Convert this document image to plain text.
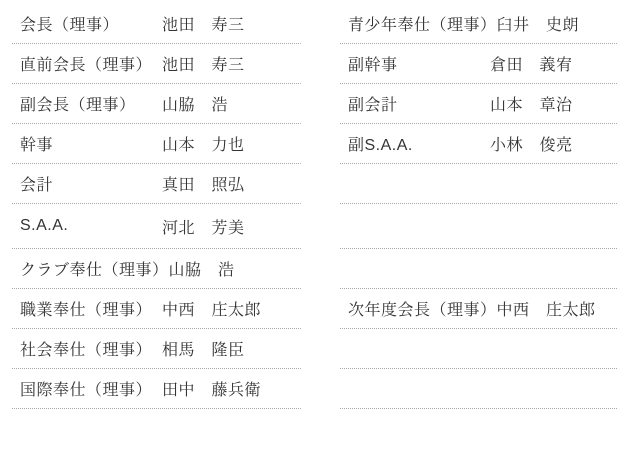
会長（理事）	池田　寿三
直前会長（理事） 池田　寿三
副会長（理事）	山脇　浩
幹事	山本　力也
会計	真田　照弘
S.A.A.	河北　芳美
クラブ奉仕（理事） 山脇　浩
職業奉仕（理事） 中西　庄太郎
社会奉仕（理事） 相馬　隆臣
国際奉仕（理事） 田中　藤兵衛
青少年奉仕（理事） 臼井　史朗
副幹事	倉田　義宥
副会計	山本　章治
副S.A.A.	小林　俊亮
次年度会長（理事） 中西　庄太郎
